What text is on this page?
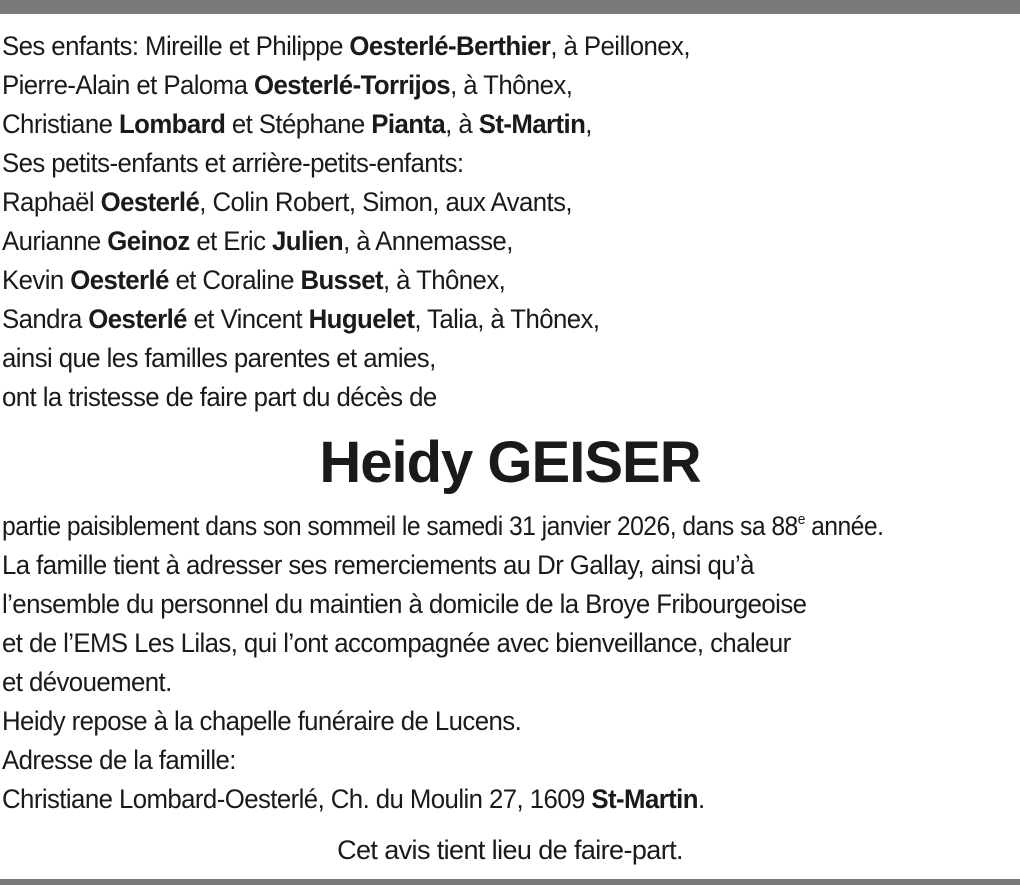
Ses enfants: Mireille et Philippe Oesterlé-Berthier, à Peillonex,
Pierre-Alain et Paloma Oesterlé-Torrijos, à Thônex,
Christiane Lombard et Stéphane Pianta, à St-Martin,
Ses petits-enfants et arrière-petits-enfants:
Raphaël Oesterlé, Colin Robert, Simon, aux Avants,
Aurianne Geinoz et Eric Julien, à Annemasse,
Kevin Oesterlé et Coraline Busset, à Thônex,
Sandra Oesterlé et Vincent Huguelet, Talia, à Thônex,
ainsi que les familles parentes et amies,
ont la tristesse de faire part du décès de
Heidy GEISER
partie paisiblement dans son sommeil le samedi 31 janvier 2026, dans sa 88e année.
La famille tient à adresser ses remerciements au Dr Gallay, ainsi qu’à
l’ensemble du personnel du maintien à domicile de la Broye Fribourgeoise
et de l’EMS Les Lilas, qui l’ont accompagnée avec bienveillance, chaleur
et dévouement.
Heidy repose à la chapelle funéraire de Lucens.
Adresse de la famille:
Christiane Lombard-Oesterlé, Ch. du Moulin 27, 1609 St-Martin.
Cet avis tient lieu de faire-part.
